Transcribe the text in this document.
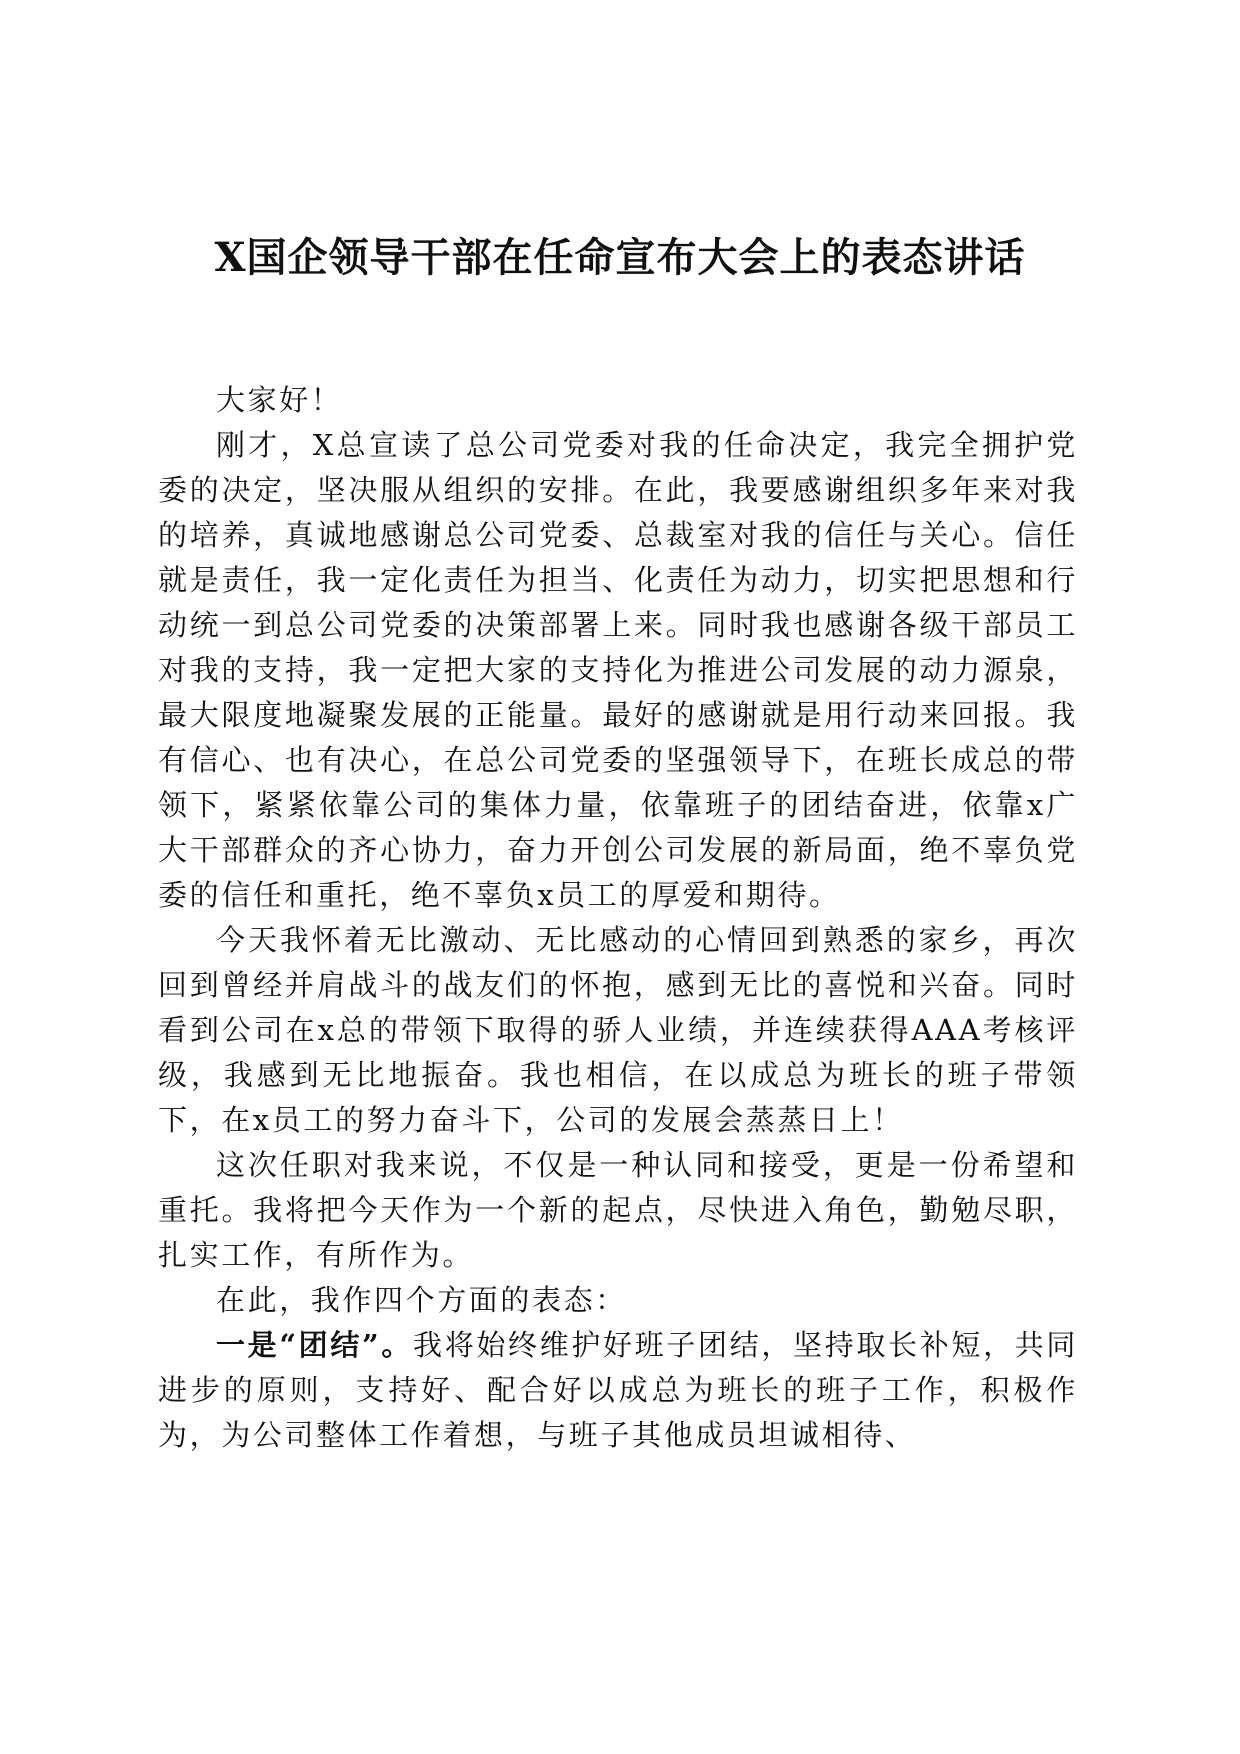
X国企领导干部在任命宣布大会上的表态讲话

大家好！

刚才，X总宣读了总公司党委对我的任命决定，我完全拥护党委的决定，坚决服从组织的安排。在此，我要感谢组织多年来对我的培养，真诚地感谢总公司党委、总裁室对我的信任与关心。信任就是责任，我一定化责任为担当、化责任为动力，切实把思想和行动统一到总公司党委的决策部署上来。同时我也感谢各级干部员工对我的支持，我一定把大家的支持化为推进公司发展的动力源泉，最大限度地凝聚发展的正能量。最好的感谢就是用行动来回报。我有信心、也有决心，在总公司党委的坚强领导下，在班长成总的带领下，紧紧依靠公司的集体力量，依靠班子的团结奋进，依靠x广大干部群众的齐心协力，奋力开创公司发展的新局面，绝不辜负党委的信任和重托，绝不辜负x员工的厚爱和期待。

今天我怀着无比激动、无比感动的心情回到熟悉的家乡，再次回到曾经并肩战斗的战友们的怀抱，感到无比的喜悦和兴奋。同时看到公司在x总的带领下取得的骄人业绩，并连续获得AAA考核评级，我感到无比地振奋。我也相信，在以成总为班长的班子带领下，在x员工的努力奋斗下，公司的发展会蒸蒸日上！

这次任职对我来说，不仅是一种认同和接受，更是一份希望和重托。我将把今天作为一个新的起点，尽快进入角色，勤勉尽职，扎实工作，有所作为。

在此，我作四个方面的表态：

一是“团结”。我将始终维护好班子团结，坚持取长补短，共同进步的原则，支持好、配合好以成总为班长的班子工作，积极作为，为公司整体工作着想，与班子其他成员坦诚相待、
